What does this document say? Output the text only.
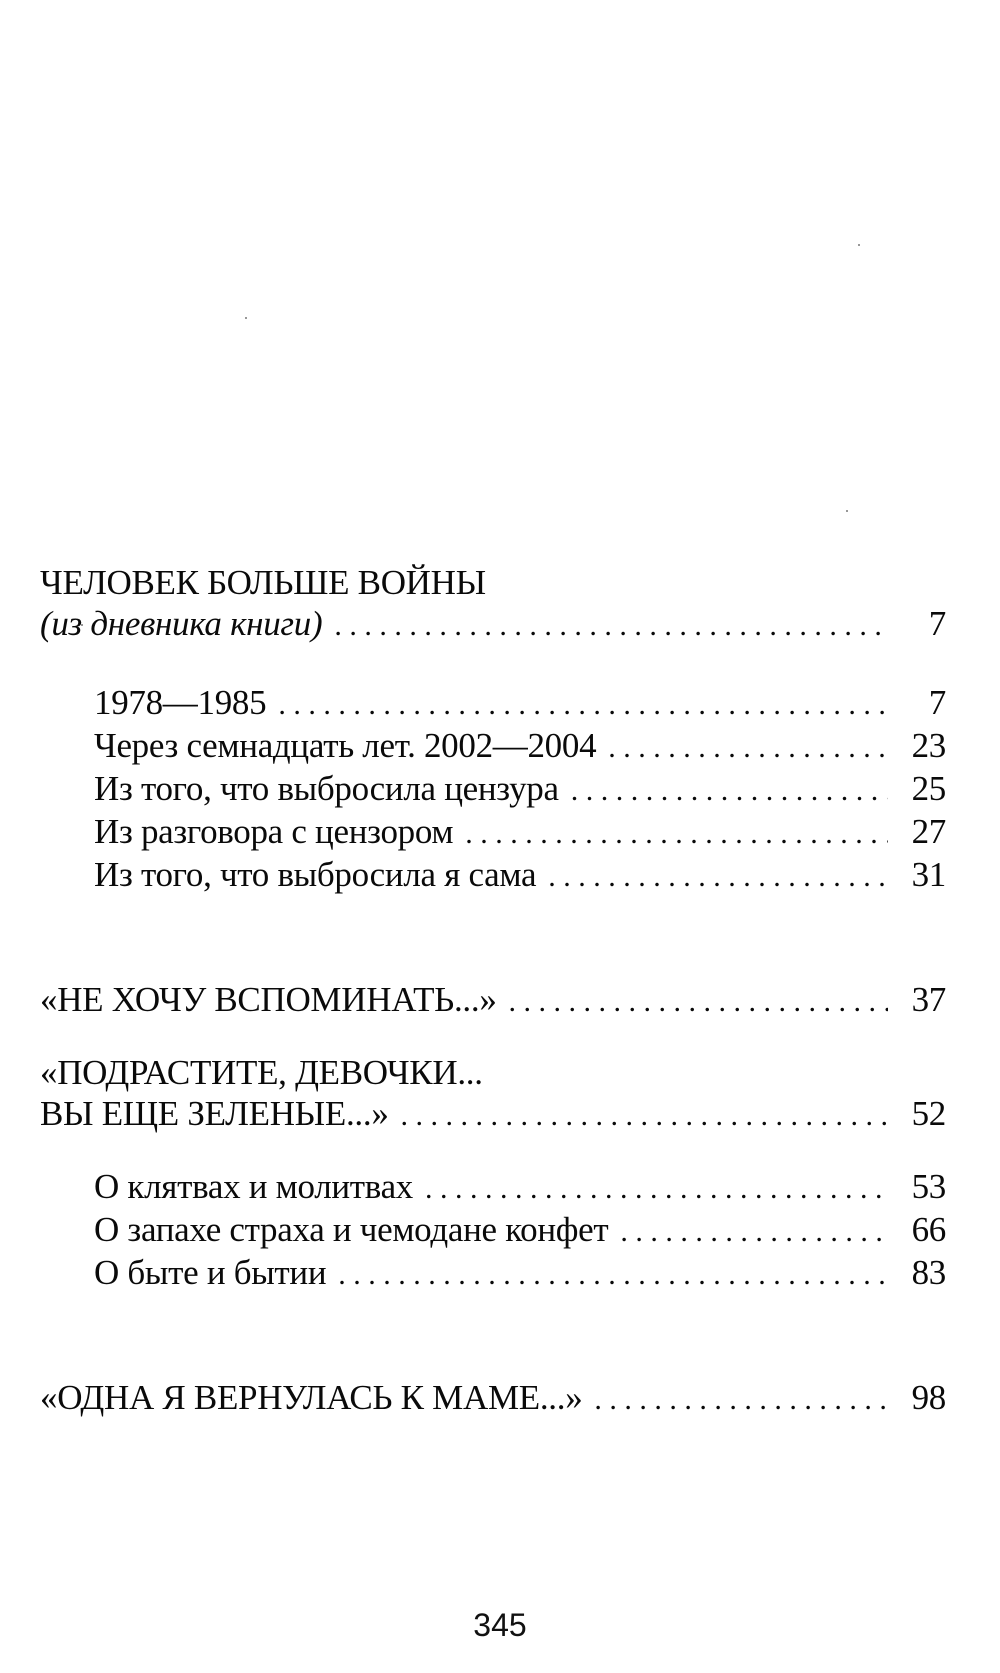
ЧЕЛОВЕК БОЛЬШЕ ВОЙНЫ
(из дневника книги) . . .	7
1978—1985 . . .	7
Через семнадцать лет. 2002—2004 . . .	23
Из того, что выбросила цензура . . .	25
Из разговора с цензором . . .	27
Из того, что выбросила я сама . . .	31
«НЕ ХОЧУ ВСПОМИНАТЬ...» . . .	37
«ПОДРАСТИТЕ, ДЕВОЧКИ...
ВЫ ЕЩЕ ЗЕЛЕНЫЕ...» . . .	52
О клятвах и молитвах . . .	53
О запахе страха и чемодане конфет . . .	66
О быте и бытии . . .	83
«ОДНА Я ВЕРНУЛАСЬ К МАМЕ...» . . .	98
345
